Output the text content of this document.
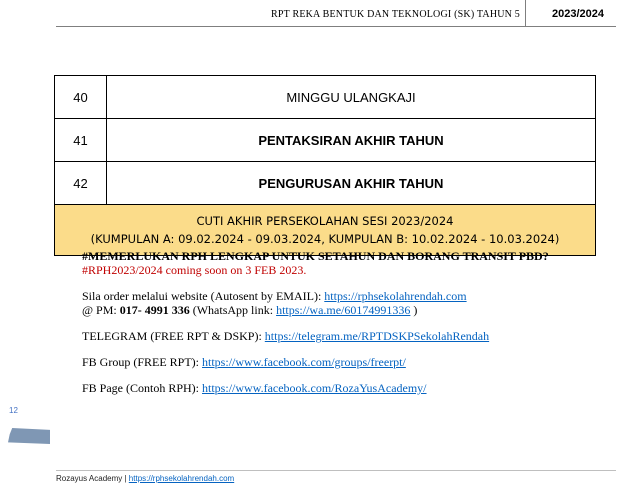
RPT REKA BENTUK DAN TEKNOLOGI (SK) TAHUN 5	2023/2024
40	MINGGU ULANGKAJI
41	PENTAKSIRAN AKHIR TAHUN
42	PENGURUSAN AKHIR TAHUN

CUTI AKHIR PERSEKOLAHAN SESI 2023/2024
(KUMPULAN A: 09.02.2024 - 09.03.2024, KUMPULAN B: 10.02.2024 - 10.03.2024)	

#MEMERLUKAN RPH LENGKAP UNTUK SETAHUN DAN BORANG TRANSIT PBD?

#RPH2023/2024 coming soon on 3 FEB 2023.

Sila order melalui website (Autosent by EMAIL): https://rphsekolahrendah.com

@ PM: 017- 4991 336 (WhatsApp link: https://wa.me/60174991336 )

TELEGRAM (FREE RPT & DSKP): https://telegram.me/RPTDSKPSekolahRendah

FB Group (FREE RPT): https://www.facebook.com/groups/freerpt/

FB Page (Contoh RPH): https://www.facebook.com/RozaYusAcademy/

12
Rozayus Academy | https://rphsekolahrendah.com
